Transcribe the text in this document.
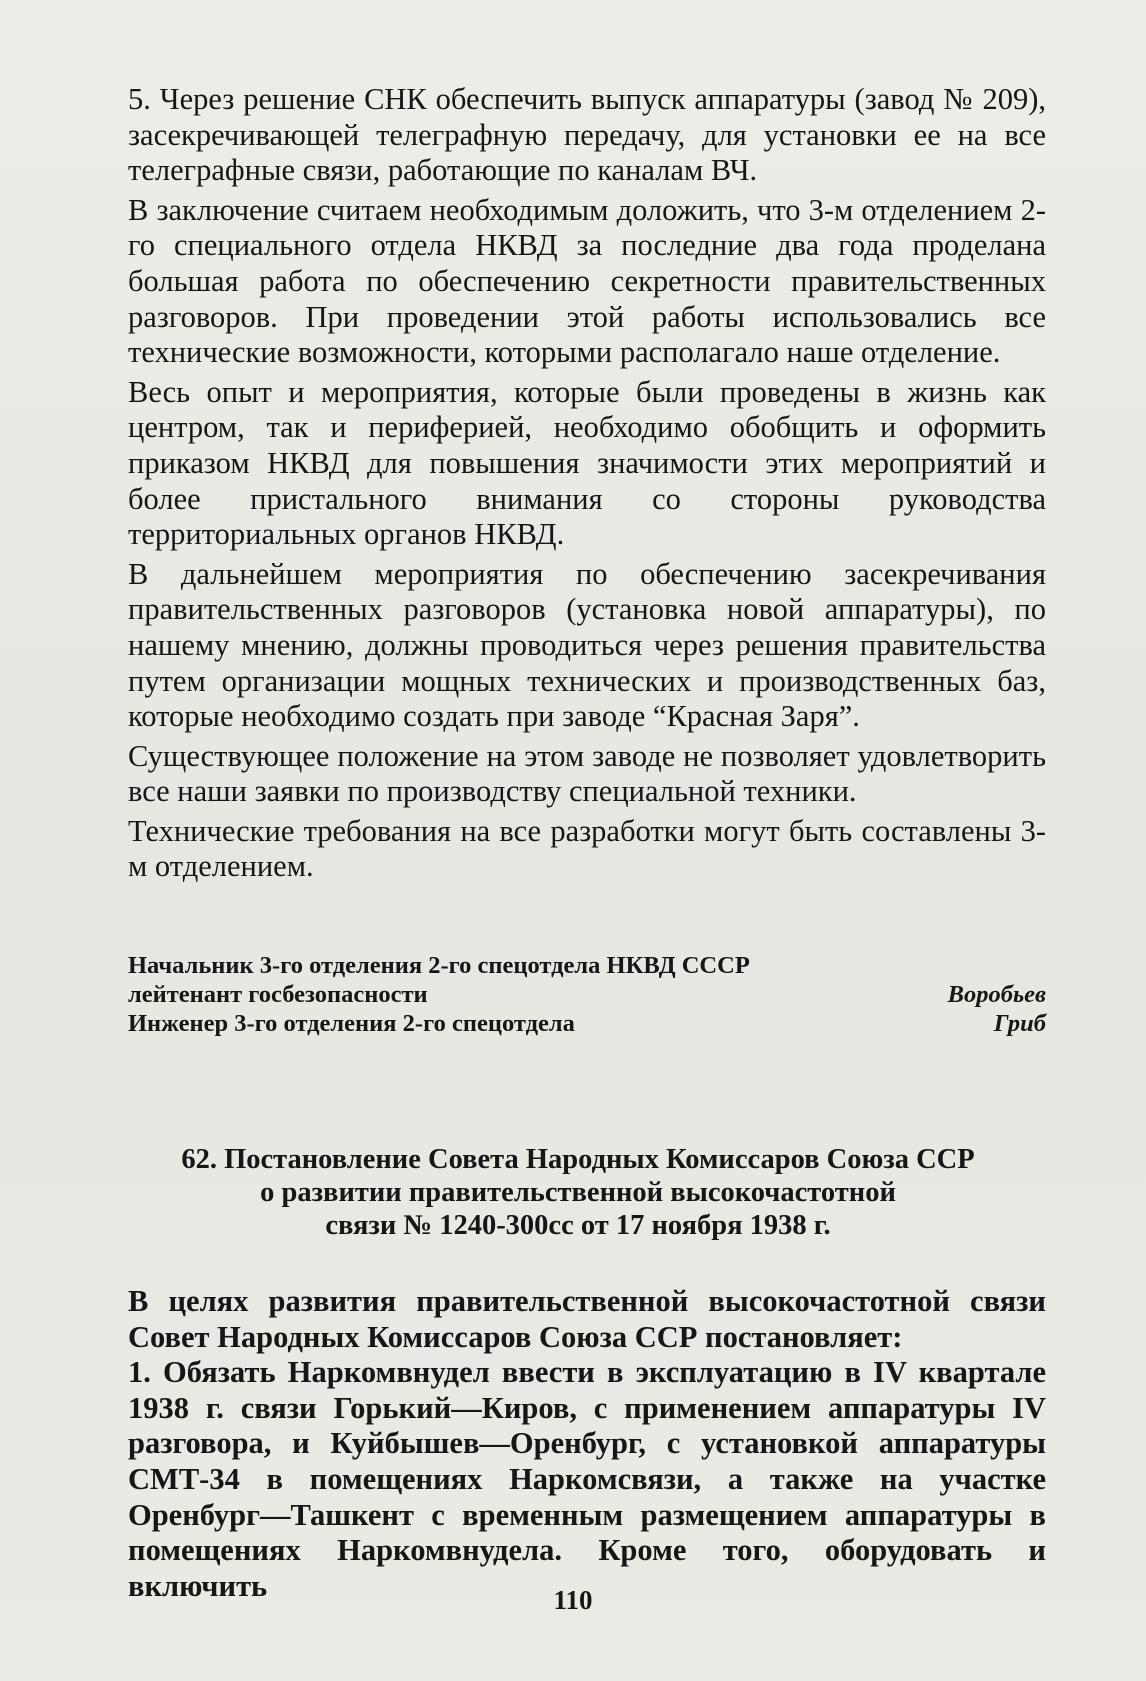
5. Через решение СНК обеспечить выпуск аппаратуры (завод № 209), засекречивающей телеграфную передачу, для установки ее на все телеграфные связи, работающие по каналам ВЧ.

В заключение считаем необходимым доложить, что 3-м отделением 2-го специального отдела НКВД за последние два года проделана большая работа по обеспечению секретности правительственных разговоров. При проведении этой работы использовались все технические возможности, которыми располагало наше отделение.

Весь опыт и мероприятия, которые были проведены в жизнь как центром, так и периферией, необходимо обобщить и оформить приказом НКВД для повышения значимости этих мероприятий и более пристального внимания со стороны руководства территориальных органов НКВД.

В дальнейшем мероприятия по обеспечению засекречивания правительственных разговоров (установка новой аппаратуры), по нашему мнению, должны проводиться через решения правительства путем организации мощных технических и производственных баз, которые необходимо создать при заводе “Красная Заря”.

Существующее положение на этом заводе не позволяет удовлетворить все наши заявки по производству специальной техники.

Технические требования на все разработки могут быть составлены 3-м отделением.

Начальник 3-го отделения 2-го спецотдела НКВД СССР
лейтенант госбезопасности	Воробьев
Инженер 3-го отделения 2-го спецотдела	Гриб
62. Постановление Совета Народных Комиссаров Союза ССР
о развитии правительственной высокочастотной
связи № 1240-300сс от 17 ноября 1938 г.

В целях развития правительственной высокочастотной связи Совет Народных Комиссаров Союза ССР постановляет:

1. Обязать Наркомвнудел ввести в эксплуатацию в IV квартале 1938 г. связи Горький—Киров, с применением аппаратуры IV разговора, и Куйбышев—Оренбург, с установкой аппаратуры СМТ-34 в помещениях Наркомсвязи, а также на участке Оренбург—Ташкент с временным размещением аппаратуры в помещениях Наркомвнудела. Кроме того, оборудовать и включить	110
